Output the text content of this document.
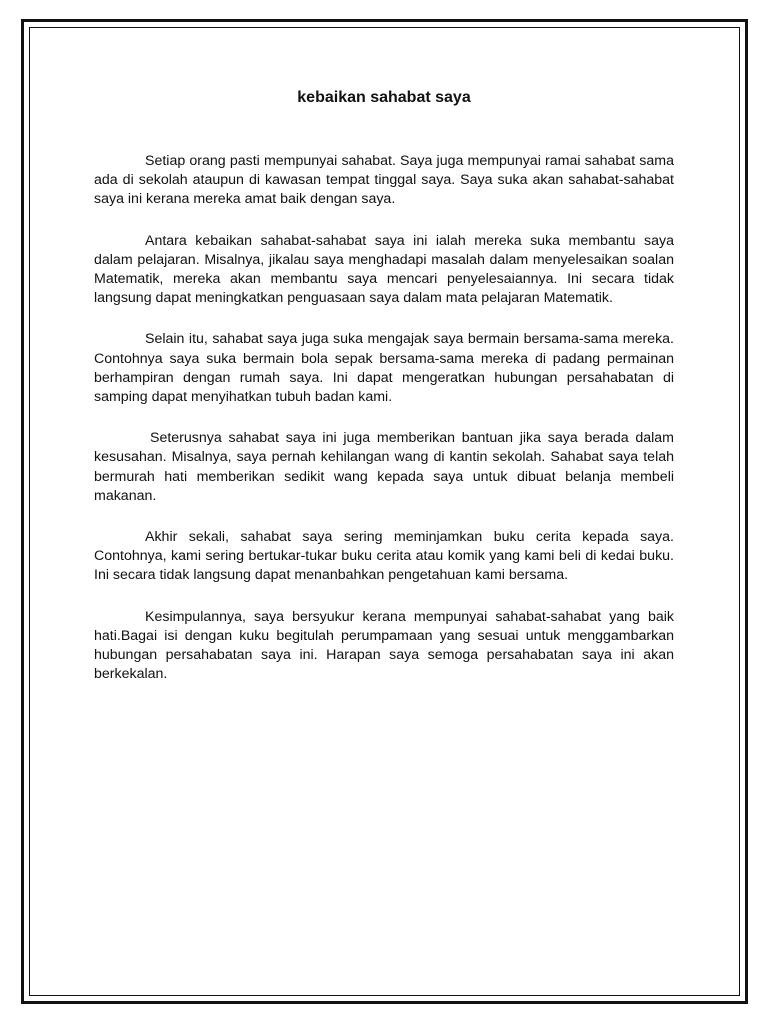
kebaikan sahabat saya

Setiap orang pasti mempunyai sahabat. Saya juga mempunyai ramai sahabat sama ada di sekolah ataupun di kawasan tempat tinggal saya. Saya suka akan sahabat-sahabat saya ini kerana mereka amat baik dengan saya.

Antara kebaikan sahabat-sahabat saya ini ialah mereka suka membantu saya dalam pelajaran. Misalnya, jikalau saya menghadapi masalah dalam menyelesaikan soalan Matematik, mereka akan membantu saya mencari penyelesaiannya. Ini secara tidak langsung dapat meningkatkan penguasaan saya dalam mata pelajaran Matematik.

Selain itu, sahabat saya juga suka mengajak saya bermain bersama-sama mereka. Contohnya saya suka bermain bola sepak bersama-sama mereka di padang permainan berhampiran dengan rumah saya. Ini dapat mengeratkan hubungan persahabatan di samping dapat menyihatkan tubuh badan kami.

Seterusnya sahabat saya ini juga memberikan bantuan jika saya berada dalam kesusahan. Misalnya, saya pernah kehilangan wang di kantin sekolah. Sahabat saya telah bermurah hati memberikan sedikit wang kepada saya untuk dibuat belanja membeli makanan.

Akhir sekali, sahabat saya sering meminjamkan buku cerita kepada saya. Contohnya, kami sering bertukar-tukar buku cerita atau komik yang kami beli di kedai buku. Ini secara tidak langsung dapat menanbahkan pengetahuan kami bersama.

Kesimpulannya, saya bersyukur kerana mempunyai sahabat-sahabat yang baik hati.Bagai isi dengan kuku begitulah perumpamaan yang sesuai untuk menggambarkan hubungan persahabatan saya ini. Harapan saya semoga persahabatan saya ini akan berkekalan.
